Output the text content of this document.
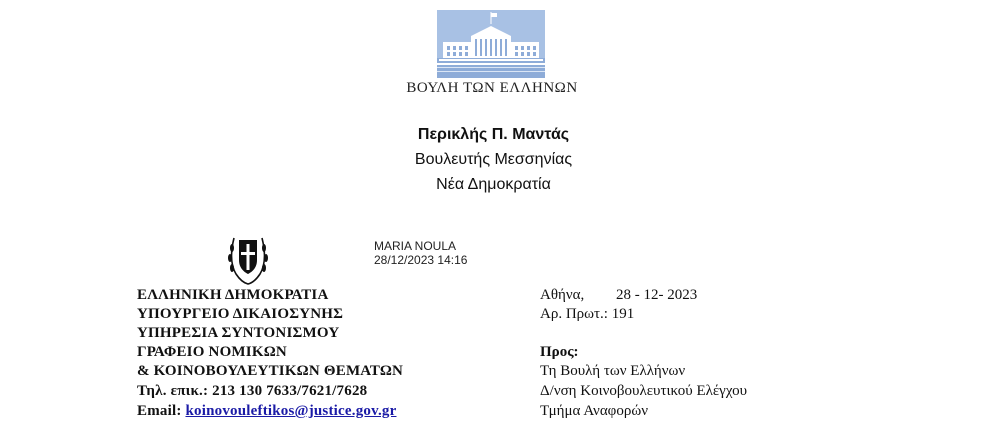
ΒΟΥΛΗ ΤΩΝ ΕΛΛΗΝΩΝ
Περικλής Π. Μαντάς
Βουλευτής Μεσσηνίας
Νέα Δημοκρατία
MARIA NOULA
28/12/2023 14:16
ΕΛΛΗΝΙΚΗ ΔΗΜΟΚΡΑΤΙΑ
ΥΠΟΥΡΓΕΙΟ ΔΙΚΑΙΟΣΥΝΗΣ
ΥΠΗΡΕΣΙΑ ΣΥΝΤΟΝΙΣΜΟΥ
ΓΡΑΦΕΙΟ ΝΟΜΙΚΩΝ
& ΚΟΙΝΟΒΟΥΛΕΥΤΙΚΩΝ ΘΕΜΑΤΩΝ
Τηλ. επικ.: 213 130 7633/7621/7628
Email: koinovouleftikos@justice.gov.gr
Αθήνα, 28 - 12- 2023
Αρ. Πρωτ.: 191
Προς:
Τη Βουλή των Ελλήνων
Δ/νση Κοινοβουλευτικού Ελέγχου
Τμήμα Αναφορών
